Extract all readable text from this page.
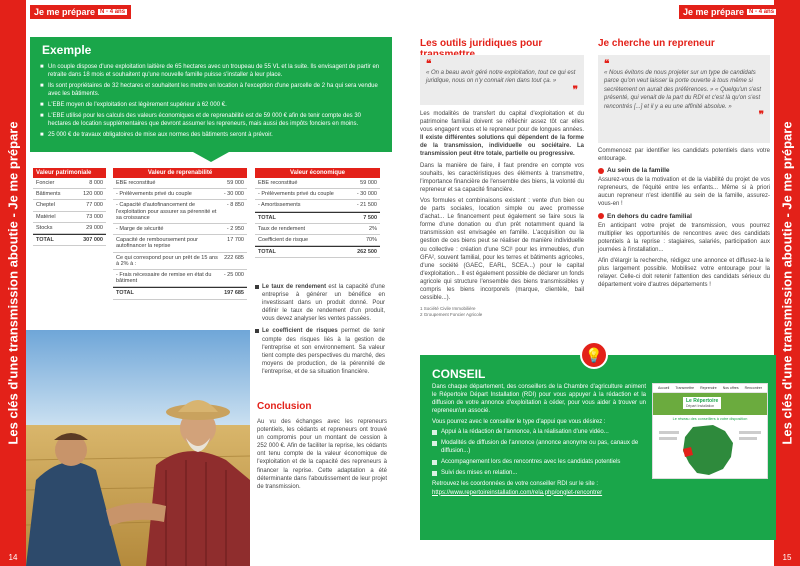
Les clés d'une transmission aboutie - Je me prépare
14
Je me prépare N - 4 ans
Exemple
■ Un couple dispose d'une exploitation laitière de 65 hectares avec un troupeau de 55 VL et la suite. Ils envisagent de partir en retraite dans 18 mois et souhaitent qu'une nouvelle famille puisse s'installer à leur place.
■ Ils sont propriétaires de 32 hectares et souhaitent les mettre en location à l'exception d'une parcelle de 2 ha qui sera vendue avec les bâtiments.
■ L'EBE moyen de l'exploitation est légèrement supérieur à 62 000 €.
■ L'EBE utilisé pour les calculs des valeurs économiques et de reprenabilité est de 59 000 € afin de tenir compte des 30 hectares de location supplémentaires que devront assumer les repreneurs, mais aussi des impôts fonciers en moins.
■ 25 000 € de travaux obligatoires de mise aux normes des bâtiments seront à prévoir.
Valeur patrimoniale
Foncier	8 000
Bâtiments	120 000
Cheptel	77 000
Matériel	73 000
Stocks	29 000
TOTAL	307 000
Valeur de reprenabilité
EBE reconstitué	59 000
- Prélèvements privé du couple	- 30 000
- Capacité d'autofinancement de l'exploitation pour assurer sa pérennité et sa croissance
- 8 850
- Marge de sécurité	- 2 950
Capacité de remboursement pour autofinancer la reprise
17 700
Ce qui correspond pour un prêt de 15 ans à 2% à :
222 685
- Frais nécessaire de remise en état du bâtiment
- 25 000
TOTAL	197 685
Valeur économique
EBE reconstitué	59 000
- Prélèvements privé du couple	- 30 000
- Amortissements	- 21 500
TOTAL	7 500
Taux de rendement	2%
Coefficient de risque	70%
TOTAL	262 500
Le taux de rendement est la capacité d'une entreprise à générer un bénéfice en investissant dans un produit donné. Pour définir le taux de rendement d'un produit, vous devez analyser les ventes passées.
Le coefficient de risques permet de tenir compte des risques liés à la gestion de l'entreprise et son environnement. Sa valeur tient compte des perspectives du marché, des moyens de production, de la pérennité de l'entreprise, et de sa situation financière.
Conclusion
Au vu des échanges avec les repreneurs potentiels, les cédants et repreneurs ont trouvé un compromis pour un montant de cession à 252 000 €. Afin de faciliter la reprise, les cédants ont tenu compte de la valeur économique de l'exploitation et de la capacité des repreneurs à financer la reprise. Cette adaptation a été déterminante dans l'aboutissement de leur projet de transmission.
Les clés d'une transmission aboutie - Je me prépare
15
Je me prépare N - 4 ans
Les outils juridiques pour
❝
« On a beau avoir géré notre exploitation, tout ce qui est juridique, nous on n'y connait rien dans tout ça. »
❞
Les modalités de transfert du capital d'exploitation et du patrimoine familial doivent se réfléchir assez tôt car elles vous engagent vous et le repreneur pour de longues années. Il existe différentes solutions qui dépendent de la forme de la transmission, individuelle ou sociétaire. La transmission peut être totale, partielle ou progressive.
Dans la manière de faire, il faut prendre en compte vos souhaits, les caractéristiques des éléments à transmettre, l'importance financière de l'ensemble des biens, la volonté du repreneur et sa capacité financière.
Vos formules et combinaisons existent : vente d'un bien ou de parts sociales, location simple ou avec promesse d'achat... Le financement peut également se faire sous la forme d'une donation ou d'un prêt notamment quand la transmission est envisagée en famille. L'acquisition ou la gestion de ces biens peut se réaliser de manière individuelle ou collective : création d'une SCI¹ pour les immeubles, d'un GFA², souvent familial, pour les terres et bâtiments agricoles, d'une société (GAEC, EARL, SCEA...) pour le capital d'exploitation... Il est également possible de déclarer un fonds agricole qui structure l'ensemble des biens transmissibles y compris les biens incorporels (marque, clientèle, bail cessible...).
1 Société Civile Immobilière
2 Groupement Foncier Agricole
Je cherche un repreneur
❝
« Nous évitons de nous projeter sur un type de candidats parce qu'on veut laisser la porte ouverte à tous même si secrètement on aurait des préférences. » « Quelqu'un s'est présenté, qui venait de la part du RDI et c'est là qu'on s'est rencontrés [...] et il y a eu une affinité absolue. »
❞
Commencez par identifier les candidats potentiels dans votre entourage.
Au sein de la famille
Assurez-vous de la motivation et de la viabilité du projet de vos repreneurs, de l'équité entre les enfants... Même si à priori aucun repreneur n'est identifié au sein de la famille, assurez-vous-en !
En dehors du cadre familial
En anticipant votre projet de transmission, vous pourrez multiplier les opportunités de rencontres avec des candidats potentiels à la reprise : stagiaires, salariés, participation aux journées à l'installation...
Afin d'élargir la recherche, rédigez une annonce et diffusez-la le plus largement possible. Mobilisez votre entourage pour la relayer. Celle-ci doit retenir l'attention des candidats sérieux du département voire d'autres départements !
💡
CONSEIL
Dans chaque département, des conseillers de la Chambre d'agriculture animent le Répertoire Départ Installation (RDI) pour vous appuyer à la rédaction et la diffusion de votre annonce d'exploitation à céder, pour vous aider à trouver un repreneur/un associé.
Vous pourrez avec le conseiller le type d'appui que vous désirez :
Appui à la rédaction de l'annonce, à la réalisation d'une vidéo...
Modalités de diffusion de l'annonce (annonce anonyme ou pas, canaux de diffusion...)
Accompagnement lors des rencontres avec les candidats potentiels
Suivi des mises en relation...
Retrouvez les coordonnées de votre conseiller RDI sur le site :
https://www.repertoireinstallation.com/rela.php/onglet-rencontrer
Accueil Transmettre Reprendre Nos offres Rencontrer
Le Répertoire
Départ Installation
Le réseau des conseillers à votre disposition
